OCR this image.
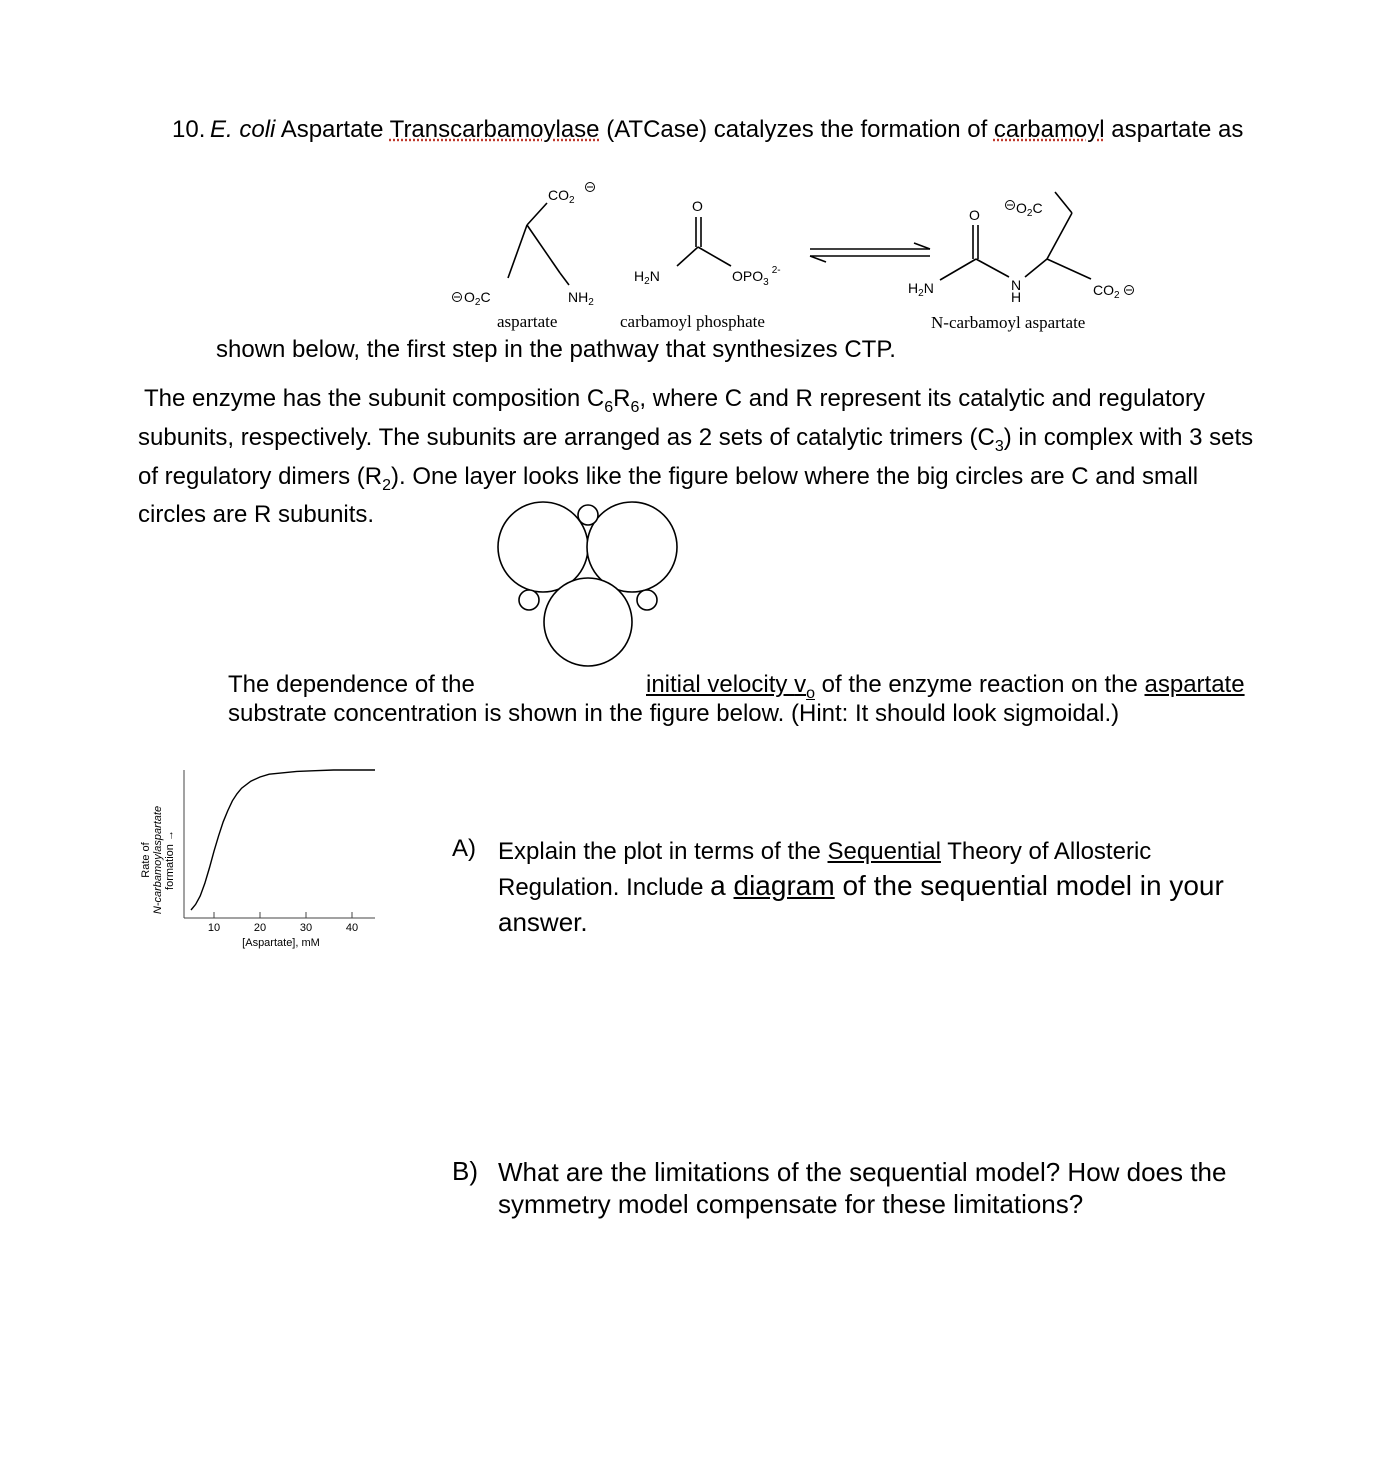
10. E. coli Aspartate Transcarbamoylase (ATCase) catalyzes the formation of carbamoyl aspartate as
$CO_2$
$O_2C$	$NH_2$
$H_2N$	$OPO_3^{2-}$
O
O
$H_2N$	N
H
$O_2C$
$CO_2$
aspartate	carbamoyl phosphate	N-carbamoyl aspartate
shown below, the first step in the pathway that synthesizes CTP.
The enzyme has the subunit composition $C_6R_6$, where C and R represent its catalytic and regulatory
subunits, respectively. The subunits are arranged as 2 sets of catalytic trimers $(C_3)$ in complex with 3 sets
of regulatory dimers $(R_2)$. One layer looks like the figure below where the big circles are C and small
circles are R subunits.
The dependence of the	initial velocity $v_o$ of the enzyme reaction on the aspartate
substrate concentration is shown in the figure below. (Hint: It should look sigmoidal.)
Rate of N-carbamoylaspartate formation →
10	20	30	40
[Aspartate], mM
A) Explain the plot in terms of the Sequential Theory of Allosteric
Regulation. Include a diagram of the sequential model in your
answer.
B) What are the limitations of the sequential model? How does the
symmetry model compensate for these limitations?
